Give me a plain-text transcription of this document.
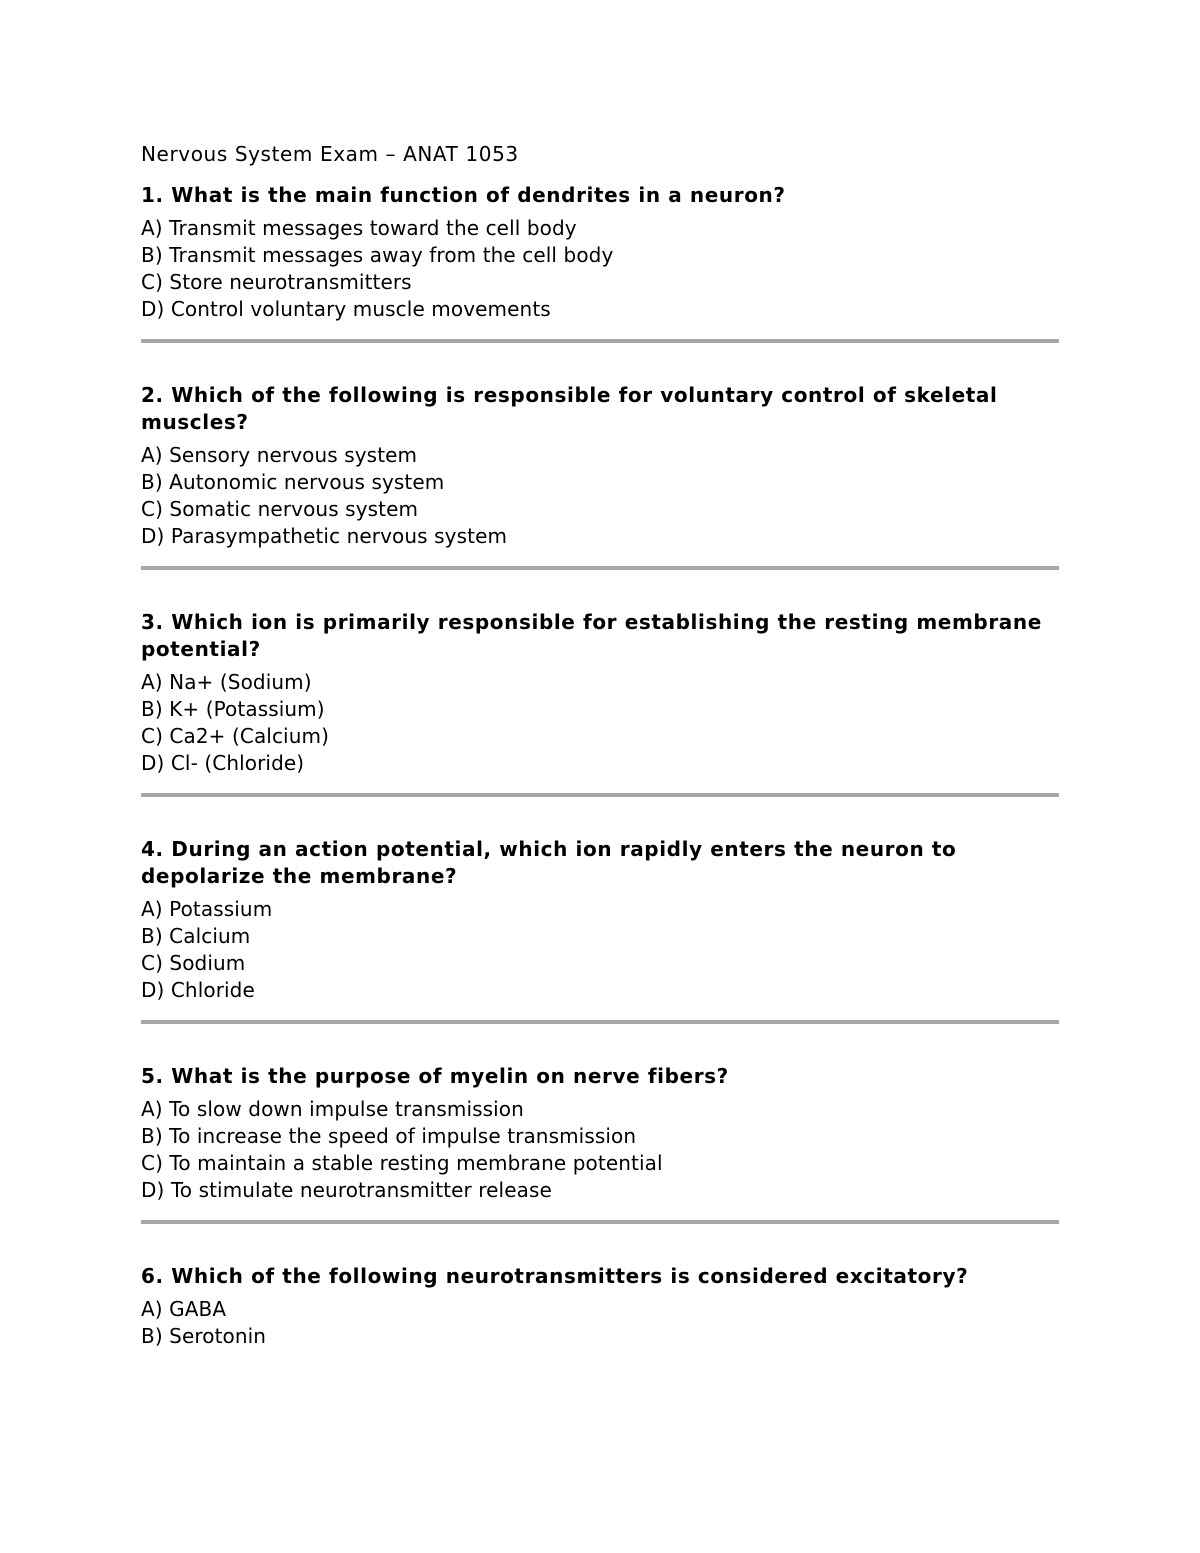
Nervous System Exam – ANAT 1053

1. What is the main function of dendrites in a neuron?

A) Transmit messages toward the cell body
B) Transmit messages away from the cell body
C) Store neurotransmitters
D) Control voluntary muscle movements

2. Which of the following is responsible for voluntary control of skeletal muscles?

A) Sensory nervous system
B) Autonomic nervous system
C) Somatic nervous system
D) Parasympathetic nervous system

3. Which ion is primarily responsible for establishing the resting membrane potential?

A) Na+ (Sodium)
B) K+ (Potassium)
C) Ca2+ (Calcium)
D) Cl- (Chloride)

4. During an action potential, which ion rapidly enters the neuron to depolarize the membrane?

A) Potassium
B) Calcium
C) Sodium
D) Chloride

5. What is the purpose of myelin on nerve fibers?

A) To slow down impulse transmission
B) To increase the speed of impulse transmission
C) To maintain a stable resting membrane potential
D) To stimulate neurotransmitter release

6. Which of the following neurotransmitters is considered excitatory?

A) GABA
B) Serotonin
